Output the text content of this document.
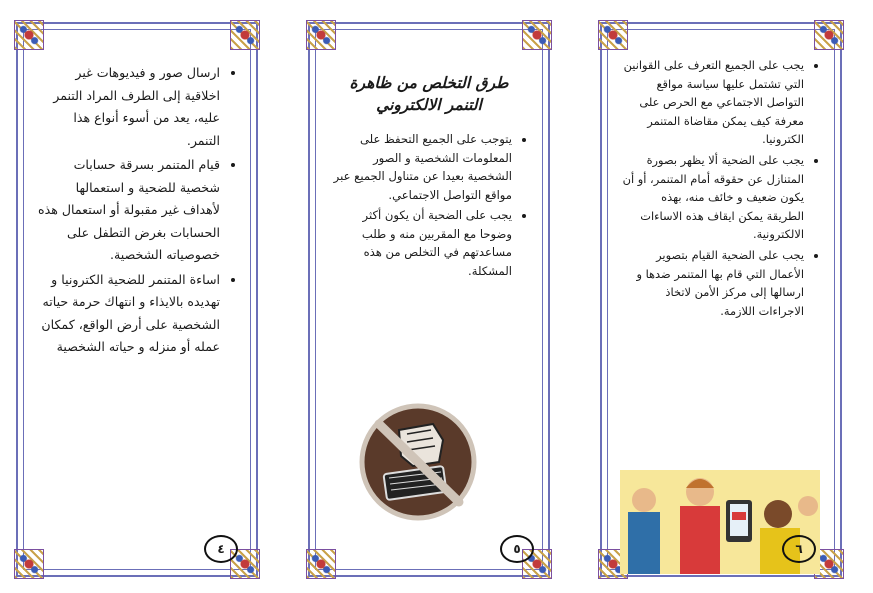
• ارسال صور و فيديوهات غير اخلاقية إلى الطرف المراد التنمر عليه، يعد من أسوء أنواع هذا التنمر.
• قيام المتنمر بسرقة حسابات شخصية للضحية و استعمالها لأهداف غير مقبولة أو استعمال هذه الحسابات بغرض التطفل على خصوصياته الشخصية.
• اساءة المتنمر للضحية الكترونيا و تهديده بالايذاء و انتهاك حرمة حياته الشخصية على أرض الواقع، كمكان عمله أو منزله و حياته الشخصية
٤
طرق التخلص من ظاهرة التنمر الالكتروني
• يتوجب على الجميع التحفظ على المعلومات الشخصية و الصور الشخصية بعيدا عن متناول الجميع عبر مواقع التواصل الاجتماعي.
• يجب على الضحية أن يكون أكثر وضوحا مع المقربين منه و طلب مساعدتهم في التخلص من هذه المشكلة.
٥
• يجب على الجميع التعرف على القوانين التي تشتمل عليها سياسة مواقع التواصل الاجتماعي مع الحرص على معرفة كيف يمكن مقاضاة المتنمر الكترونيا.
• يجب على الضحية ألا يظهر بصورة المتنازل عن حقوقه أمام المتنمر، أو أن يكون ضعيف و خائف منه، بهذه الطريقة يمكن ايقاف هذه الاساءات الالكترونية.
• يجب على الضحية القيام بتصوير الأعمال التي قام بها المتنمر ضدها و ارسالها إلى مركز الأمن لاتخاذ الاجراءات اللازمة.
٦
